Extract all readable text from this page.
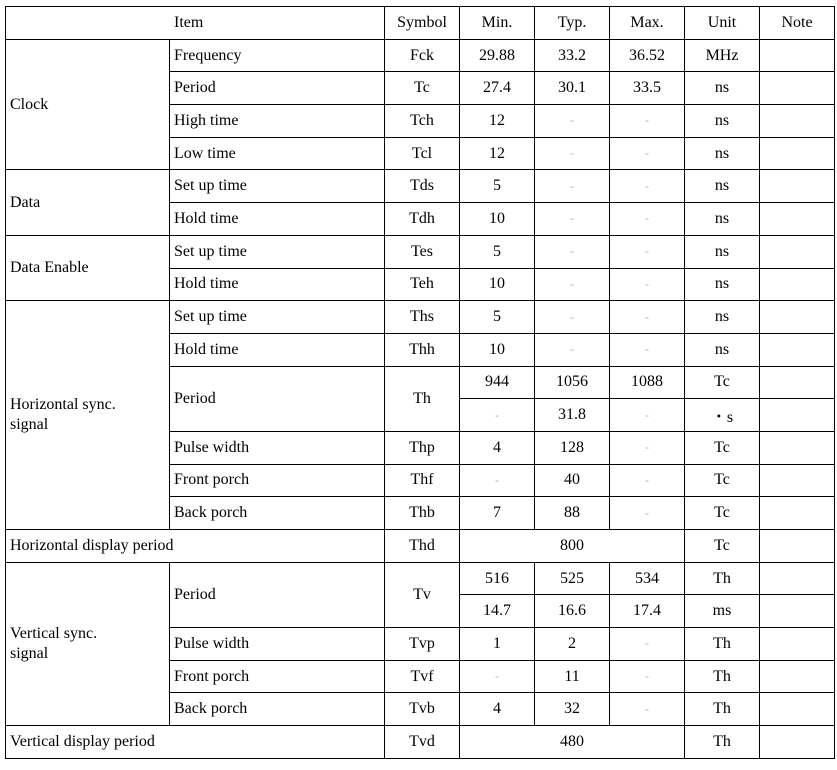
Item		Symbol	Min.	Typ.	Max.	Unit	Note
Clock	Frequency	Fck	29.88	33.2	36.52	MHz	
	Period	Tc	27.4	30.1	33.5	ns	
	High time	Tch	12	-	-	ns	
	Low time	Tcl	12	-	-	ns	
Data	Set up time	Tds	5	-	-	ns	
	Hold time	Tdh	10	-	-	ns	
Data Enable	Set up time	Tes	5	-	-	ns	
	Hold time	Teh	10	-	-	ns	
Horizontal sync.
signal	Set up time	Ths	5	-	-	ns	
	Hold time	Thh	10	-	-	ns	
	Period	Th	944	1056	1088	Tc	
			-	31.8	-	・s	
	Pulse width	Thp	4	128	-	Tc	
	Front porch	Thf	-	40	-	Tc	
	Back porch	Thb	7	88	-	Tc	
Horizontal display period		Thd	800			Tc	
Vertical sync.
signal	Period	Tv	516	525	534	Th	
			14.7	16.6	17.4	ms	
	Pulse width	Tvp	1	2	-	Th	
	Front porch	Tvf	-	11	-	Th	
	Back porch	Tvb	4	32	-	Th	
Vertical display period		Tvd	480			Th	
